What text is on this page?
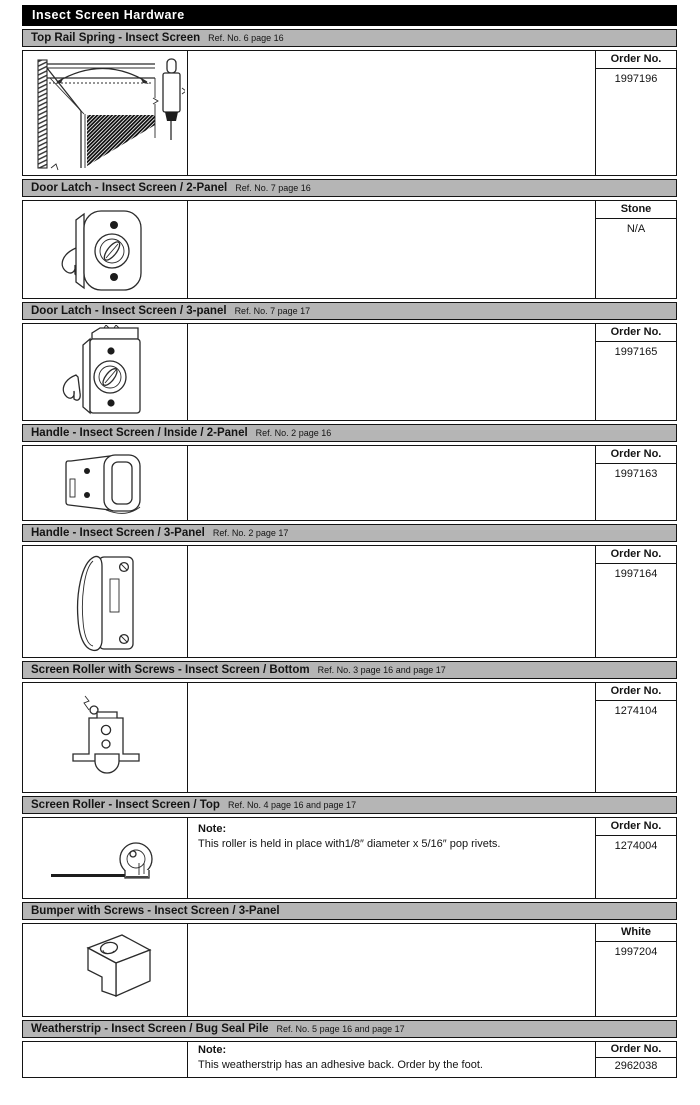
Insect Screen Hardware
Top Rail Spring - Insect Screen Ref. No. 6 page 16
Order No.
1997196
Door Latch - Insect Screen / 2-Panel Ref. No. 7 page 16
Stone
N/A
Door Latch - Insect Screen / 3-panel Ref. No. 7 page 17
Order No.
1997165
Handle - Insect Screen / Inside / 2-Panel Ref. No. 2 page 16
Order No.
1997163
Handle - Insect Screen / 3-Panel Ref. No. 2 page 17
Order No.
1997164
Screen Roller with Screws - Insect Screen / Bottom Ref. No. 3 page 16 and page 17
Order No.
1274104
Screen Roller - Insect Screen / Top Ref. No. 4 page 16 and page 17
Note:
This roller is held in place with1/8″ diameter x 5/16″ pop rivets.
Order No.
1274004
Bumper with Screws - Insect Screen / 3-Panel
White
1997204
Weatherstrip - Insect Screen / Bug Seal Pile Ref. No. 5 page 16 and page 17
Note:
This weatherstrip has an adhesive back. Order by the foot.
Order No.
2962038
